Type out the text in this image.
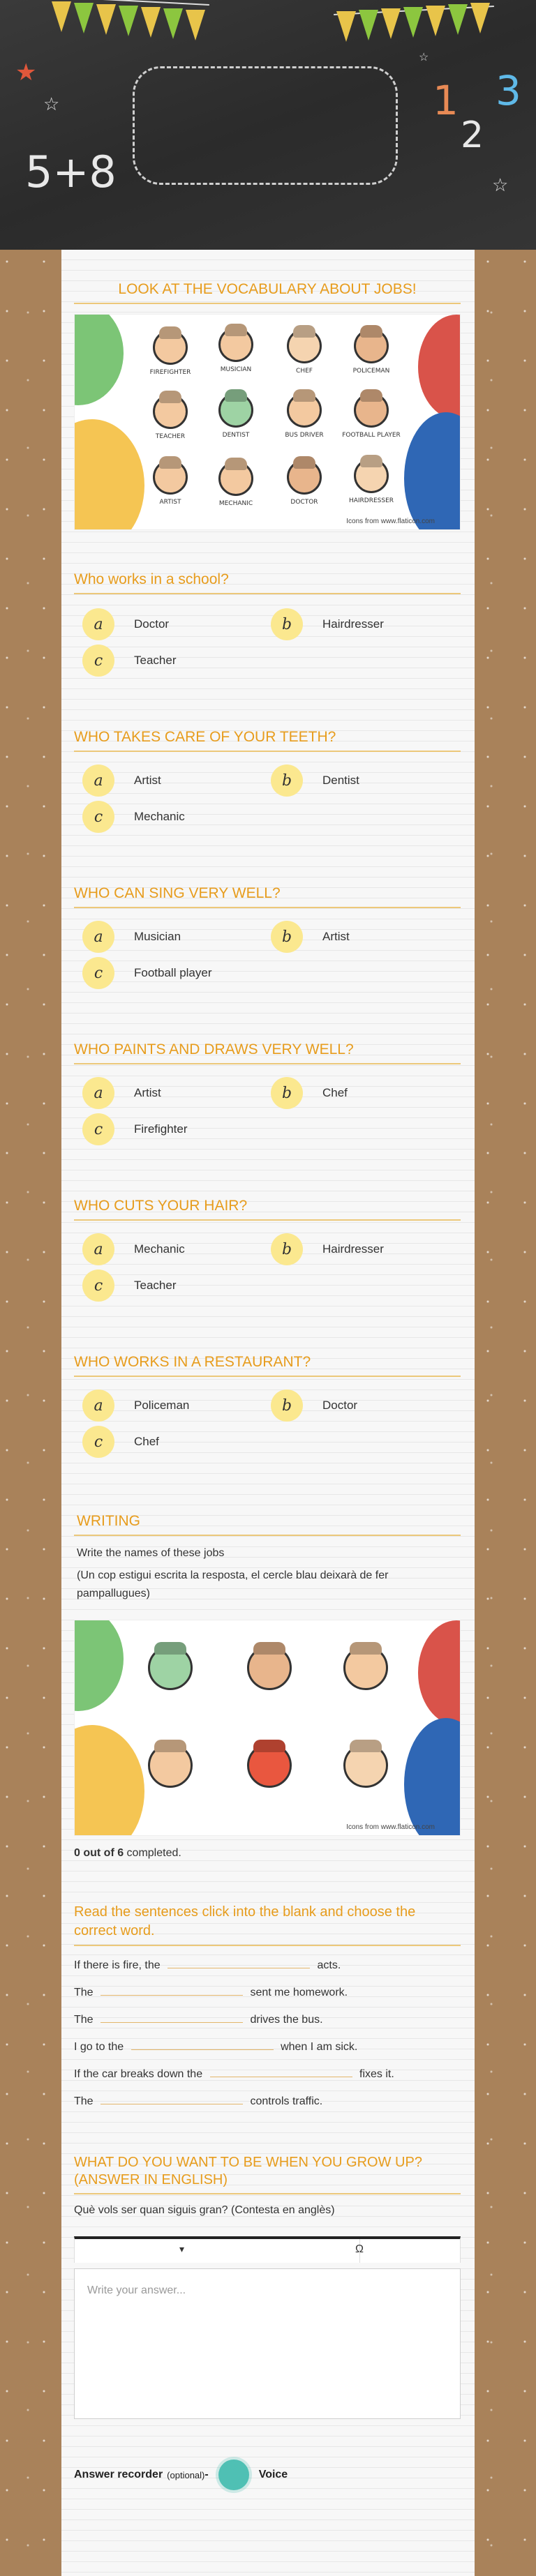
★
☆
☆
☆
5+8
1
2
3
LOOK AT THE VOCABULARY ABOUT JOBS!
FIREFIGHTER	MUSICIAN	CHEF	POLICEMAN
TEACHER	DENTIST	BUS DRIVER	FOOTBALL PLAYER
ARTIST	MECHANIC	DOCTOR	HAIRDRESSER
Icons from www.flaticon.com
Who works in a school?
a	Doctor	b	Hairdresser
c	Teacher
WHO TAKES CARE OF YOUR TEETH?
a	Artist	b	Dentist
c	Mechanic
WHO CAN SING VERY WELL?
a	Musician	b	Artist
c	Football player
WHO PAINTS AND DRAWS VERY WELL?
a	Artist	b	Chef
c	Firefighter
WHO CUTS YOUR HAIR?
a	Mechanic	b	Hairdresser
c	Teacher
WHO WORKS IN A RESTAURANT?
a	Policeman	b	Doctor
c	Chef
WRITING
Write the names of these jobs
(Un cop estigui escrita la resposta, el cercle blau deixarà de fer pampallugues)
Icons from www.flaticon.com
0 out of 6 completed.
Read the sentences click into the blank and choose the correct word.
If there is fire, the	acts.
The	sent me homework.
The	drives the bus.
I go to the	when I am sick.
If the car breaks down the	fixes it.
The	controls traffic.
WHAT DO YOU WANT TO BE WHEN YOU GROW UP? (ANSWER IN ENGLISH)
Què vols ser quan siguis gran? (Contesta en anglès)
▾	Ω
Write your answer...
Answer recorder (optional) -	Voice
